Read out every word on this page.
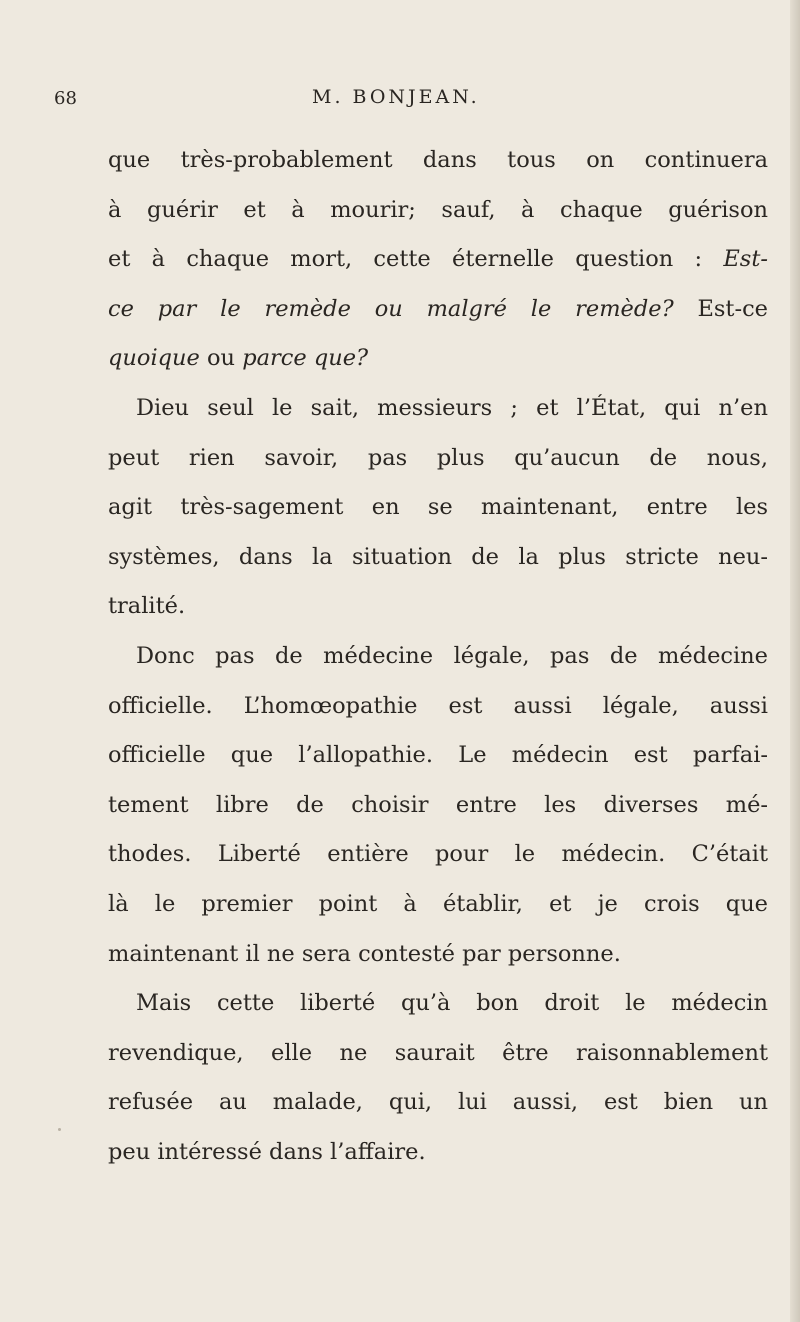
68	M. BONJEAN.
que très-probablement dans tous on continuera
à guérir et à mourir; sauf, à chaque guérison
et à chaque mort, cette éternelle question : Est-
ce par le remède ou malgré le remède? Est-ce
quoique ou parce que?
Dieu seul le sait, messieurs ; et l’État, qui n’en
peut rien savoir, pas plus qu’aucun de nous,
agit très-sagement en se maintenant, entre les
systèmes, dans la situation de la plus stricte neu-
tralité.
Donc pas de médecine légale, pas de médecine
officielle. L’homœopathie est aussi légale, aussi
officielle que l’allopathie. Le médecin est parfai-
tement libre de choisir entre les diverses mé-
thodes. Liberté entière pour le médecin. C’était
là le premier point à établir, et je crois que
maintenant il ne sera contesté par personne.
Mais cette liberté qu’à bon droit le médecin
revendique, elle ne saurait être raisonnablement
refusée au malade, qui, lui aussi, est bien un
peu intéressé dans l’affaire.
